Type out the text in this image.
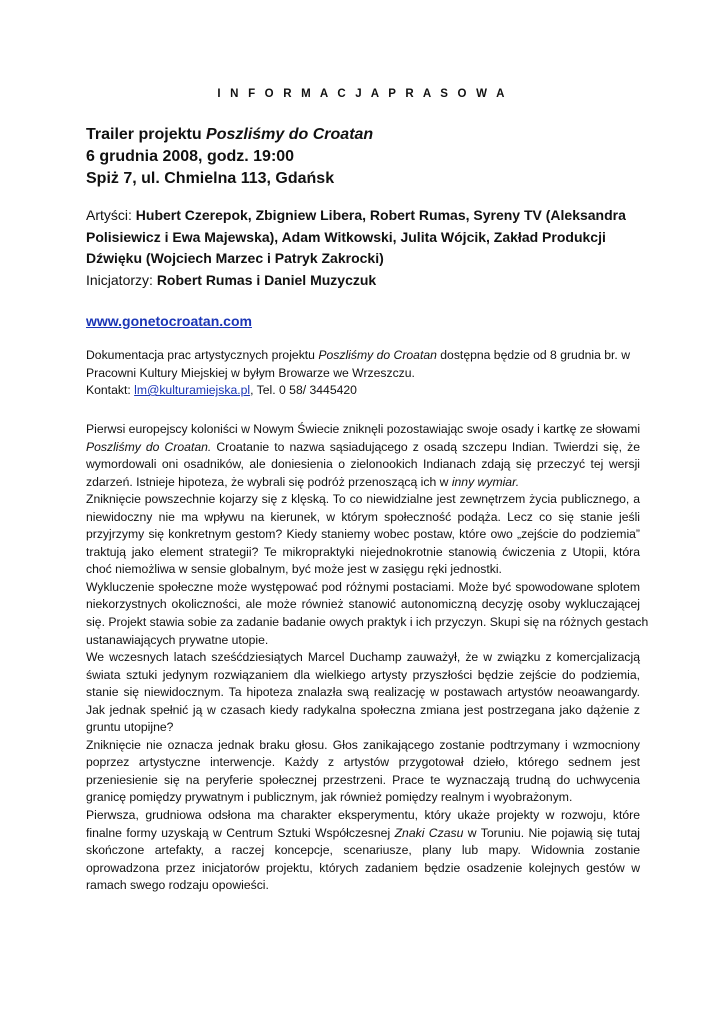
I N F O R M A C J A P R A S O W A
Trailer projektu Poszliśmy do Croatan
6 grudnia 2008, godz. 19:00
Spiż 7, ul. Chmielna 113, Gdańsk
Artyści: Hubert Czerepok, Zbigniew Libera, Robert Rumas, Syreny TV (Aleksandra
Polisiewicz i Ewa Majewska), Adam Witkowski, Julita Wójcik, Zakład Produkcji
Dźwięku (Wojciech Marzec i Patryk Zakrocki)
Inicjatorzy: Robert Rumas i Daniel Muzyczuk
www.gonetocroatan.com
Dokumentacja prac artystycznych projektu Poszliśmy do Croatan dostępna będzie od 8 grudnia br. w
Pracowni Kultury Miejskiej w byłym Browarze we Wrzeszczu.
Kontakt: lm@kulturamiejska.pl, Tel. 0 58/ 3445420
Pierwsi europejscy koloniści w Nowym Świecie zniknęli pozostawiając swoje osady i kartkę ze słowami
Poszliśmy do Croatan. Croatanie to nazwa sąsiadującego z osadą szczepu Indian. Twierdzi się, że
wymordowali oni osadników, ale doniesienia o zielonookich Indianach zdają się przeczyć tej wersji
zdarzeń. Istnieje hipoteza, że wybrali się podróż przenoszącą ich w inny wymiar.
Zniknięcie powszechnie kojarzy się z klęską. To co niewidzialne jest zewnętrzem życia publicznego, a
niewidoczny nie ma wpływu na kierunek, w którym społeczność podąża. Lecz co się stanie jeśli
przyjrzymy się konkretnym gestom? Kiedy staniemy wobec postaw, które owo „zejście do podziemia”
traktują jako element strategii? Te mikropraktyki niejednokrotnie stanowią ćwiczenia z Utopii, która
choć niemożliwa w sensie globalnym, być może jest w zasięgu ręki jednostki.
Wykluczenie społeczne może występować pod różnymi postaciami. Może być spowodowane splotem
niekorzystnych okoliczności, ale może również stanowić autonomiczną decyzję osoby wykluczającej
się. Projekt stawia sobie za zadanie badanie owych praktyk i ich przyczyn. Skupi się na różnych gestach
ustanawiających prywatne utopie.
We wczesnych latach sześćdziesiątych Marcel Duchamp zauważył, że w związku z komercjalizacją
świata sztuki jedynym rozwiązaniem dla wielkiego artysty przyszłości będzie zejście do podziemia,
stanie się niewidocznym. Ta hipoteza znalazła swą realizację w postawach artystów neoawangardy.
Jak jednak spełnić ją w czasach kiedy radykalna społeczna zmiana jest postrzegana jako dążenie z
gruntu utopijne?
Zniknięcie nie oznacza jednak braku głosu. Głos zanikającego zostanie podtrzymany i wzmocniony
poprzez artystyczne interwencje. Każdy z artystów przygotował dzieło, którego sednem jest
przeniesienie się na peryferie społecznej przestrzeni. Prace te wyznaczają trudną do uchwycenia
granicę pomiędzy prywatnym i publicznym, jak również pomiędzy realnym i wyobrażonym.
Pierwsza, grudniowa odsłona ma charakter eksperymentu, który ukaże projekty w rozwoju, które
finalne formy uzyskają w Centrum Sztuki Współczesnej Znaki Czasu w Toruniu. Nie pojawią się tutaj
skończone artefakty, a raczej koncepcje, scenariusze, plany lub mapy. Widownia zostanie
oprowadzona przez inicjatorów projektu, których zadaniem będzie osadzenie kolejnych gestów w
ramach swego rodzaju opowieści.
